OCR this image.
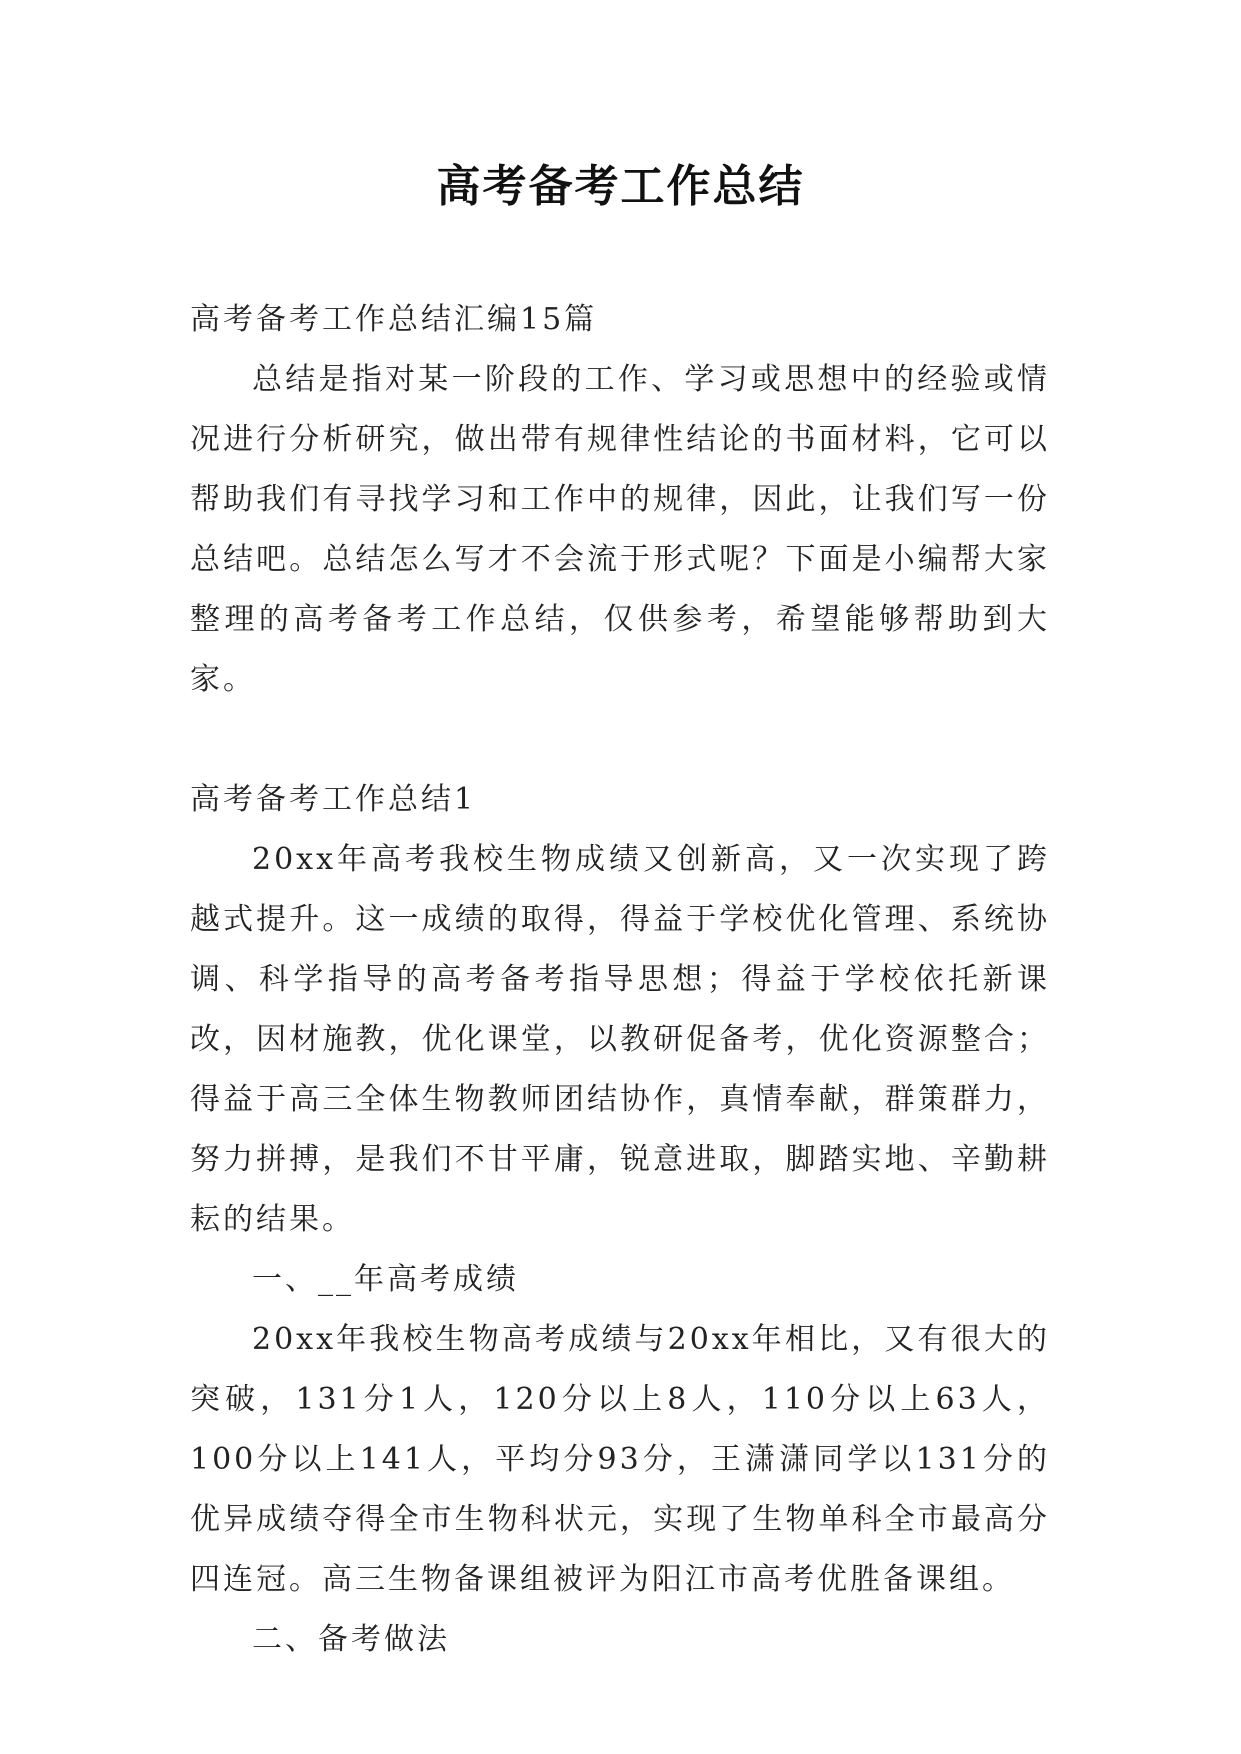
高考备考工作总结

高考备考工作总结汇编15篇

总结是指对某一阶段的工作、学习或思想中的经验或情况进行分析研究，做出带有规律性结论的书面材料，它可以帮助我们有寻找学习和工作中的规律，因此，让我们写一份总结吧。总结怎么写才不会流于形式呢？下面是小编帮大家整理的高考备考工作总结，仅供参考，希望能够帮助到大家。

高考备考工作总结1

20xx年高考我校生物成绩又创新高，又一次实现了跨越式提升。这一成绩的取得，得益于学校优化管理、系统协调、科学指导的高考备考指导思想；得益于学校依托新课改，因材施教，优化课堂，以教研促备考，优化资源整合；得益于高三全体生物教师团结协作，真情奉献，群策群力，努力拼搏，是我们不甘平庸，锐意进取，脚踏实地、辛勤耕耘的结果。

一、__年高考成绩

20xx年我校生物高考成绩与20xx年相比，又有很大的突破，131分1人，120分以上8人，110分以上63人，100分以上141人，平均分93分，王潇潇同学以131分的优异成绩夺得全市生物科状元，实现了生物单科全市最高分四连冠。高三生物备课组被评为阳江市高考优胜备课组。

二、备考做法
